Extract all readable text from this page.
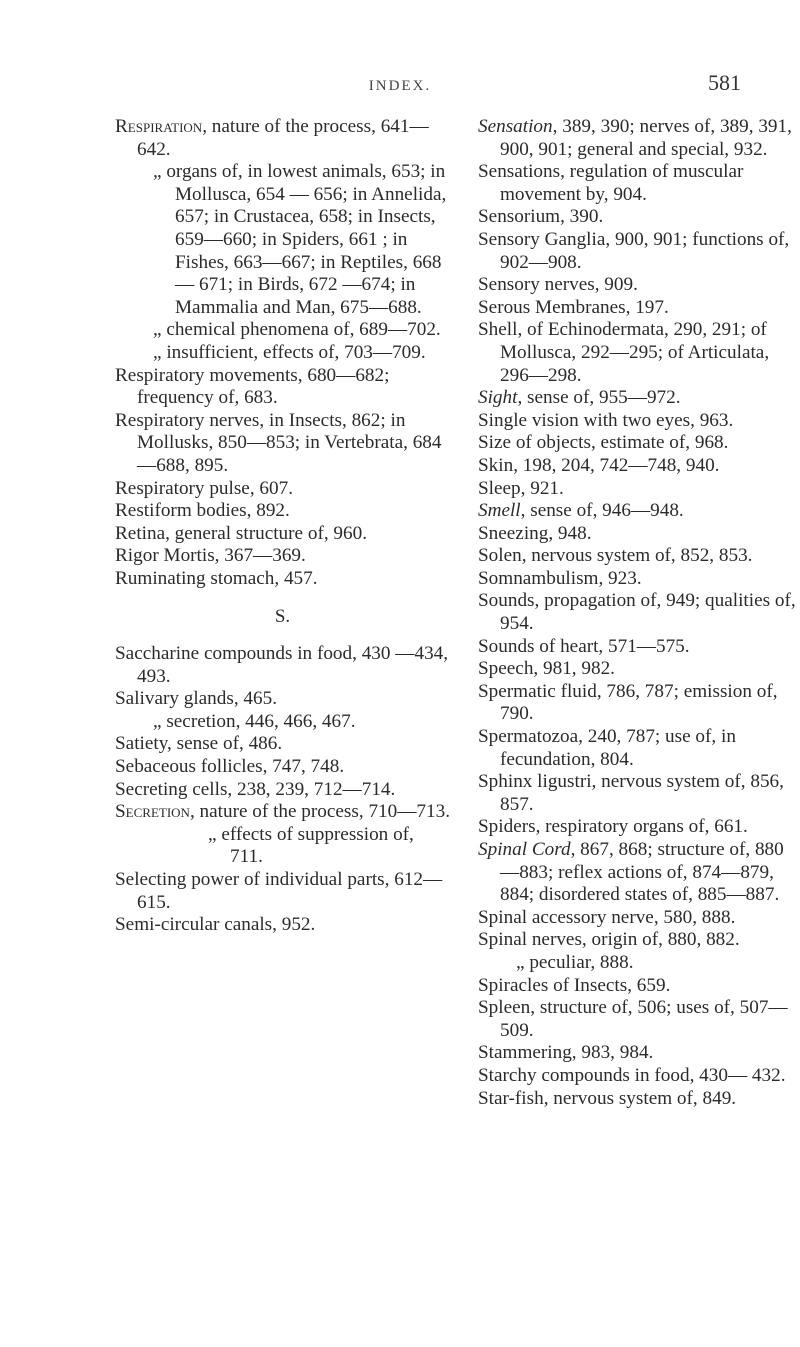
INDEX.	581
Respiration, nature of the process, 641—642.
„ organs of, in lowest animals, 653; in Mollusca, 654 — 656; in Annelida, 657; in Crustacea, 658; in Insects, 659—660; in Spiders, 661 ; in Fishes, 663—667; in Reptiles, 668— 671; in Birds, 672 —674; in Mammalia and Man, 675—688.
„ chemical phenomena of, 689—702.
„ insufficient, effects of, 703—709.
Respiratory movements, 680—682; frequency of, 683.
Respiratory nerves, in Insects, 862; in Mollusks, 850—853; in Vertebrata, 684—688, 895.
Respiratory pulse, 607.
Restiform bodies, 892.
Retina, general structure of, 960.
Rigor Mortis, 367—369.
Ruminating stomach, 457.
S.
Saccharine compounds in food, 430 —434, 493.
Salivary glands, 465.
„ secretion, 446, 466, 467.
Satiety, sense of, 486.
Sebaceous follicles, 747, 748.
Secreting cells, 238, 239, 712—714.
Secretion, nature of the process, 710—713.
„ effects of suppression of, 711.
Selecting power of individual parts, 612—615.
Semi-circular canals, 952.
Sensation, 389, 390; nerves of, 389, 391, 900, 901; general and special, 932.
Sensations, regulation of muscular movement by, 904.
Sensorium, 390.
Sensory Ganglia, 900, 901; functions of, 902—908.
Sensory nerves, 909.
Serous Membranes, 197.
Shell, of Echinodermata, 290, 291; of Mollusca, 292—295; of Articulata, 296—298.
Sight, sense of, 955—972.
Single vision with two eyes, 963.
Size of objects, estimate of, 968.
Skin, 198, 204, 742—748, 940.
Sleep, 921.
Smell, sense of, 946—948.
Sneezing, 948.
Solen, nervous system of, 852, 853.
Somnambulism, 923.
Sounds, propagation of, 949; qualities of, 954.
Sounds of heart, 571—575.
Speech, 981, 982.
Spermatic fluid, 786, 787; emission of, 790.
Spermatozoa, 240, 787; use of, in fecundation, 804.
Sphinx ligustri, nervous system of, 856, 857.
Spiders, respiratory organs of, 661.
Spinal Cord, 867, 868; structure of, 880—883; reflex actions of, 874—879, 884; disordered states of, 885—887.
Spinal accessory nerve, 580, 888.
Spinal nerves, origin of, 880, 882.
„ peculiar, 888.
Spiracles of Insects, 659.
Spleen, structure of, 506; uses of, 507—509.
Stammering, 983, 984.
Starchy compounds in food, 430— 432.
Star-fish, nervous system of, 849.
